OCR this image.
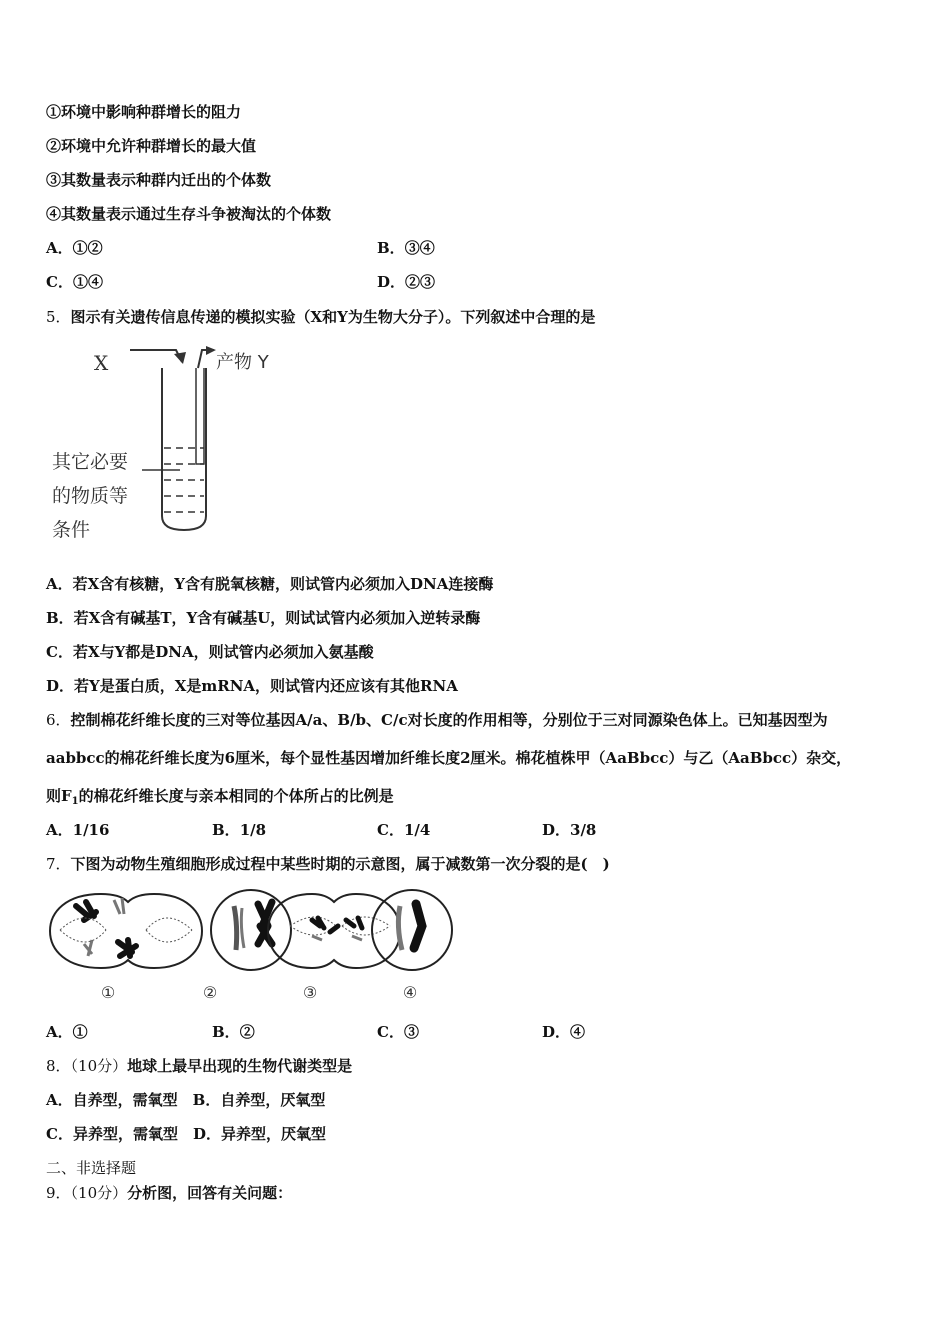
①环境中影响种群增长的阻力
②环境中允许种群增长的最大值
③其数量表示种群内迁出的个体数
④其数量表示通过生存斗争被淘汰的个体数
A．①②	B．③④
C．①④	D．②③
5．图示有关遗传信息传递的模拟实验（X和Y为生物大分子）。下列叙述中合理的是
X	产物 Y
其它必要
的物质等
条件
A．若X含有核糖，Y含有脱氧核糖，则试管内必须加入DNA连接酶
B．若X含有碱基T，Y含有碱基U，则试试管内必须加入逆转录酶
C．若X与Y都是DNA，则试管内必须加入氨基酸
D．若Y是蛋白质，X是mRNA，则试管内还应该有其他RNA
6．控制棉花纤维长度的三对等位基因A/a、B/b、C/c对长度的作用相等，分别位于三对同源染色体上。已知基因型为
aabbcc的棉花纤维长度为6厘米，每个显性基因增加纤维长度2厘米。棉花植株甲（AaBbcc）与乙（AaBbcc）杂交，
则$F_1$的棉花纤维长度与亲本相同的个体所占的比例是
A．1/16	B．1/8	C．1/4	D．3/8
7．下图为动物生殖细胞形成过程中某些时期的示意图，属于减数第一次分裂的是(　)
①	②	③	④
A．①	B．②	C．③	D．④
8．（10分）地球上最早出现的生物代谢类型是
A．自养型，需氧型　B．自养型，厌氧型
C．异养型，需氧型　D．异养型，厌氧型
二、非选择题
9．（10分）分析图，回答有关问题：
